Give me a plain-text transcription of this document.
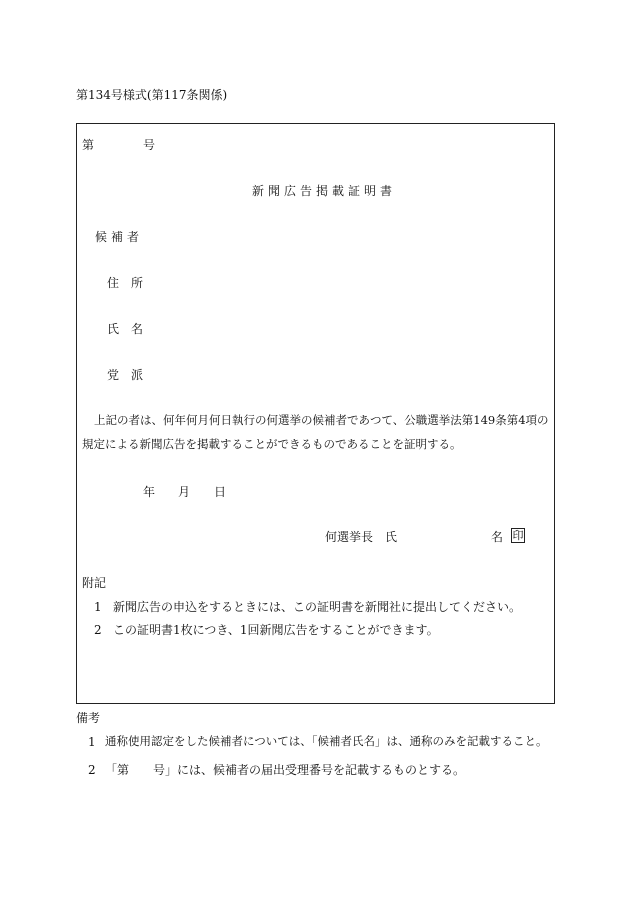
第134号様式(第117条関係)
第	号
新聞広告掲載証明書
候補者
住　所
氏　名
党　派
上記の者は、何年何月何日執行の何選挙の候補者であつて、公職選挙法第149条第4項の
規定による新聞広告を掲載することができるものであることを証明する。
年 月 日
何選挙長　氏	名 印
附記
1 新聞広告の申込をするときには、この証明書を新聞社に提出してください。
2 この証明書1枚につき、1回新聞広告をすることができます。
備考
1 通称使用認定をした候補者については、「候補者氏名」は、通称のみを記載すること。
2 「第　　号」には、候補者の届出受理番号を記載するものとする。
